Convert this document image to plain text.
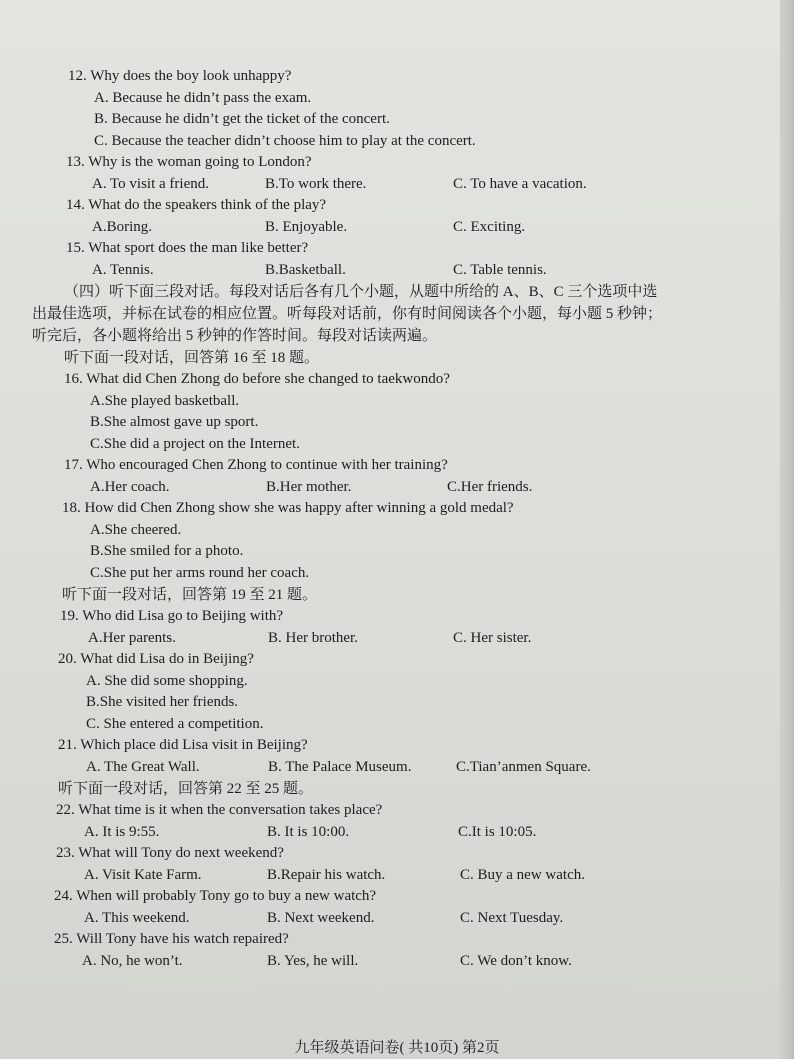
12. Why does the boy look unhappy?
A. Because he didn’t pass the exam.
B. Because he didn’t get the ticket of the concert.
C. Because the teacher didn’t choose him to play at the concert.
13. Why is the woman going to London?
A. To visit a friend.	B.To work there.	C. To have a vacation.
14. What do the speakers think of the play?
A.Boring.	B. Enjoyable.	C. Exciting.
15. What sport does the man like better?
A. Tennis.	B.Basketball.	C. Table tennis.
（四）听下面三段对话。每段对话后各有几个小题，从题中所给的 A、B、C 三个选项中选出最佳选项，并标在试卷的相应位置。听每段对话前，你有时间阅读各个小题，每小题 5 秒钟；听完后，各小题将给出 5 秒钟的作答时间。每段对话读两遍。
听下面一段对话，回答第 16 至 18 题。
16. What did Chen Zhong do before she changed to taekwondo?
A.She played basketball.
B.She almost gave up sport.
C.She did a project on the Internet.
17. Who encouraged Chen Zhong to continue with her training?
A.Her coach.	B.Her mother.	C.Her friends.
18. How did Chen Zhong show she was happy after winning a gold medal?
A.She cheered.
B.She smiled for a photo.
C.She put her arms round her coach.
听下面一段对话，回答第 19 至 21 题。
19. Who did Lisa go to Beijing with?
A.Her parents.	B. Her brother.	C. Her sister.
20. What did Lisa do in Beijing?
A. She did some shopping.
B.She visited her friends.
C. She entered a competition.
21. Which place did Lisa visit in Beijing?
A. The Great Wall.	B. The Palace Museum.	C.Tian’anmen Square.
听下面一段对话，回答第 22 至 25 题。
22. What time is it when the conversation takes place?
A. It is 9:55.	B. It is 10:00.	C.It is 10:05.
23. What will Tony do next weekend?
A. Visit Kate Farm.	B.Repair his watch.	C. Buy a new watch.
24. When will probably Tony go to buy a new watch?
A. This weekend.	B. Next weekend.	C. Next Tuesday.
25. Will Tony have his watch repaired?
A. No, he won’t.	B. Yes, he will.	C. We don’t know.
九年级英语问卷( 共10页) 第2页
